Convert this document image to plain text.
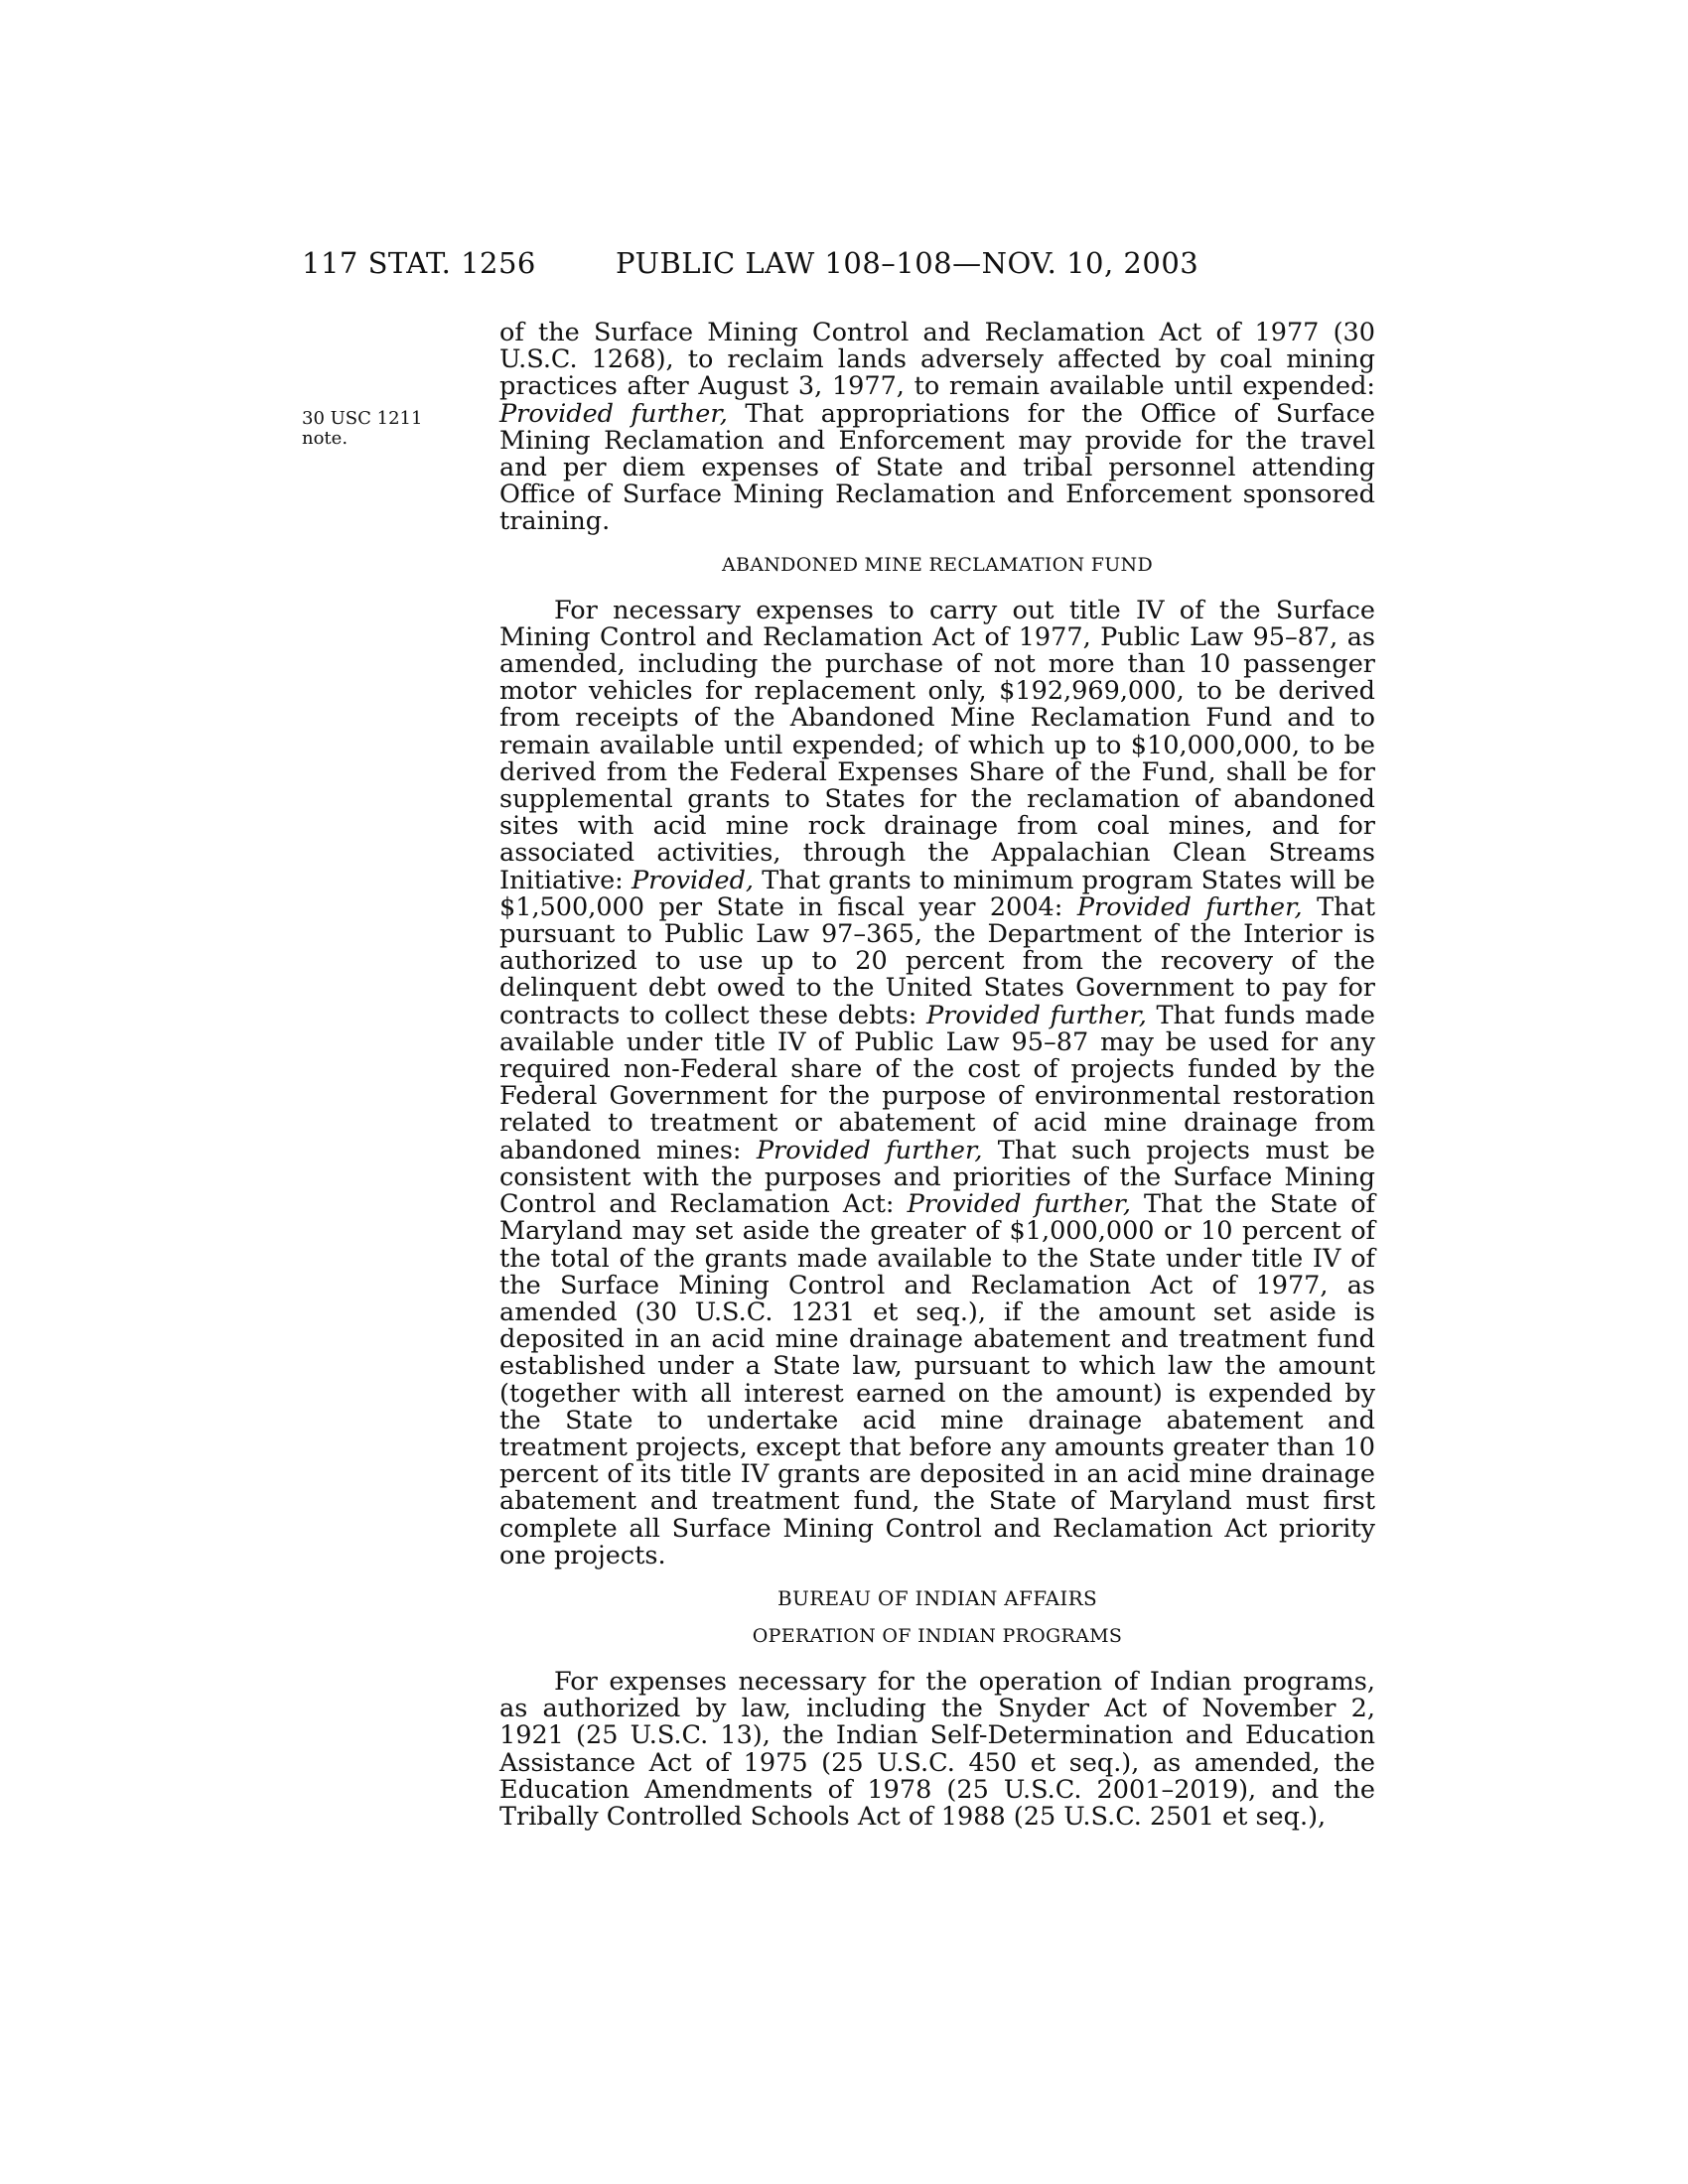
117 STAT. 1256	PUBLIC LAW 108–108—NOV. 10, 2003
30 USC 1211
note.

of the Surface Mining Control and Reclamation Act of 1977 (30 U.S.C. 1268), to reclaim lands adversely affected by coal mining practices after August 3, 1977, to remain available until expended: Provided further, That appropriations for the Office of Surface Mining Reclamation and Enforcement may provide for the travel and per diem expenses of State and tribal personnel attending Office of Surface Mining Reclamation and Enforcement sponsored training.

ABANDONED MINE RECLAMATION FUND

For necessary expenses to carry out title IV of the Surface Mining Control and Reclamation Act of 1977, Public Law 95–87, as amended, including the purchase of not more than 10 passenger motor vehicles for replacement only, $192,969,000, to be derived from receipts of the Abandoned Mine Reclamation Fund and to remain available until expended; of which up to $10,000,000, to be derived from the Federal Expenses Share of the Fund, shall be for supplemental grants to States for the reclamation of abandoned sites with acid mine rock drainage from coal mines, and for associated activities, through the Appalachian Clean Streams Initiative: Provided, That grants to minimum program States will be $1,500,000 per State in fiscal year 2004: Provided further, That pursuant to Public Law 97–365, the Department of the Interior is authorized to use up to 20 percent from the recovery of the delinquent debt owed to the United States Government to pay for contracts to collect these debts: Provided further, That funds made available under title IV of Public Law 95–87 may be used for any required non-Federal share of the cost of projects funded by the Federal Government for the purpose of environmental restoration related to treatment or abatement of acid mine drainage from abandoned mines: Provided further, That such projects must be consistent with the purposes and priorities of the Surface Mining Control and Reclamation Act: Provided further, That the State of Maryland may set aside the greater of $1,000,000 or 10 percent of the total of the grants made available to the State under title IV of the Surface Mining Control and Reclamation Act of 1977, as amended (30 U.S.C. 1231 et seq.), if the amount set aside is deposited in an acid mine drainage abatement and treatment fund established under a State law, pursuant to which law the amount (together with all interest earned on the amount) is expended by the State to undertake acid mine drainage abatement and treatment projects, except that before any amounts greater than 10 percent of its title IV grants are deposited in an acid mine drainage abatement and treatment fund, the State of Maryland must first complete all Surface Mining Control and Reclamation Act priority one projects.

BUREAU OF INDIAN AFFAIRS
OPERATION OF INDIAN PROGRAMS

For expenses necessary for the operation of Indian programs, as authorized by law, including the Snyder Act of November 2, 1921 (25 U.S.C. 13), the Indian Self-Determination and Education Assistance Act of 1975 (25 U.S.C. 450 et seq.), as amended, the Education Amendments of 1978 (25 U.S.C. 2001–2019), and the Tribally Controlled Schools Act of 1988 (25 U.S.C. 2501 et seq.),
